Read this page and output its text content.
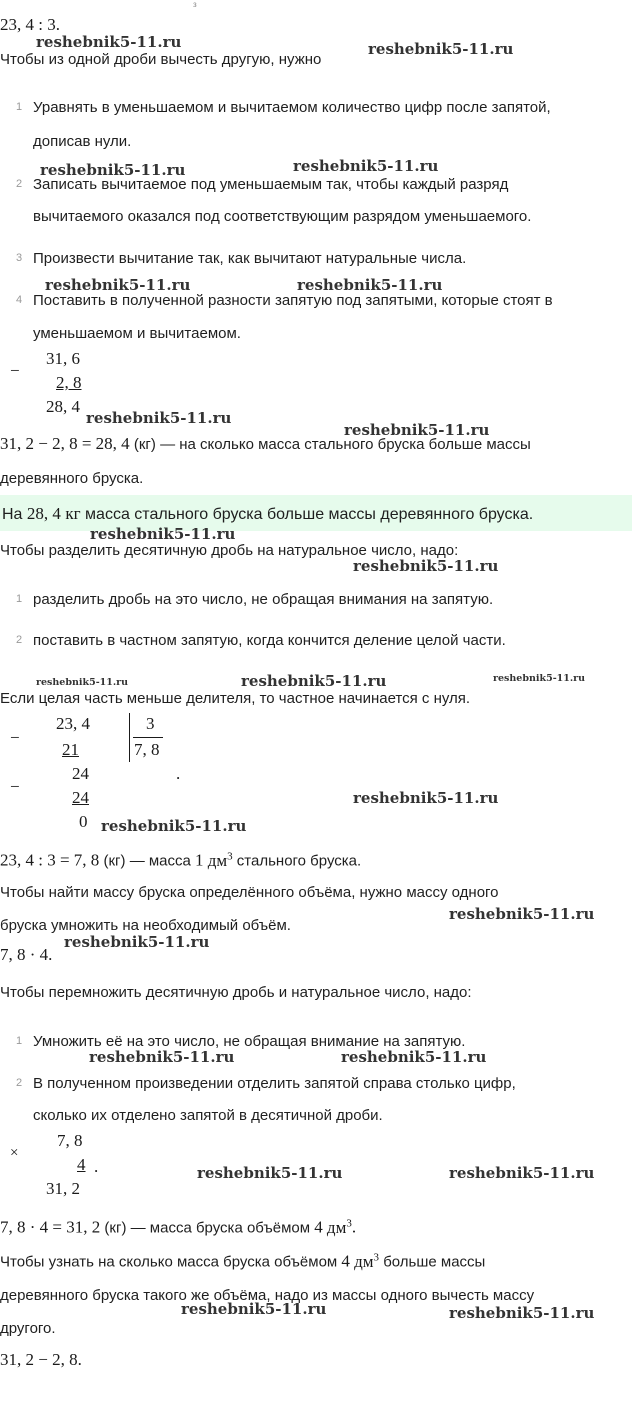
з
23, 4 : 3.
Чтобы из одной дроби вычесть другую, нужно
1 Уравнять в уменьшаемом и вычитаемом количество цифр после запятой,
дописав нули.
2 Записать вычитаемое под уменьшаемым так, чтобы каждый разряд
вычитаемого оказался под соответствующим разрядом уменьшаемого.
3 Произвести вычитание так, как вычитают натуральные числа.
4 Поставить в полученной разности запятую под запятыми, которые стоят в
уменьшаемом и вычитаемом.
−
31, 6
2, 8
28, 4
31, 2 − 2, 8 = 28, 4 (кг) — на сколько масса стального бруска больше массы
деревянного бруска.
На 28, 4 кг масса стального бруска больше массы деревянного бруска.
Чтобы разделить десятичную дробь на натуральное число, надо:
1 разделить дробь на это число, не обращая внимания на запятую.
2 поставить в частном запятую, когда кончится деление целой части.
Если целая часть меньше делителя, то частное начинается с нуля.
−
23, 4	3
7, 8
21
24	.
−
24
0
23, 4 : 3 = 7, 8 (кг) — масса 1 $дм^3$ стального бруска.
Чтобы найти массу бруска определённого объёма, нужно массу одного
бруска умножить на необходимый объём.
7, 8 · 4.
Чтобы перемножить десятичную дробь и натуральное число, надо:
1 Умножить её на это число, не обращая внимание на запятую.
2 В полученном произведении отделить запятой справа столько цифр,
сколько их отделено запятой в десятичной дроби.
×
7, 8
4 .
31, 2
7, 8 · 4 = 31, 2 (кг) — масса бруска объёмом 4 $дм^3$.
Чтобы узнать на сколько масса бруска объёмом 4 $дм^3$ больше массы
деревянного бруска такого же объёма, надо из массы одного вычесть массу
другого.
31, 2 − 2, 8.
reshebnik5-11.ru	reshebnik5-11.ru
reshebnik5-11.ru	reshebnik5-11.ru
reshebnik5-11.ru	reshebnik5-11.ru
reshebnik5-11.ru
reshebnik5-11.ru
reshebnik5-11.ru
reshebnik5-11.ru
reshebnik5-11.ru	reshebnik5-11.ru	reshebnik5-11.ru
reshebnik5-11.ru
reshebnik5-11.ru
reshebnik5-11.ru
reshebnik5-11.ru
reshebnik5-11.ru	reshebnik5-11.ru
reshebnik5-11.ru	reshebnik5-11.ru
reshebnik5-11.ru	reshebnik5-11.ru
